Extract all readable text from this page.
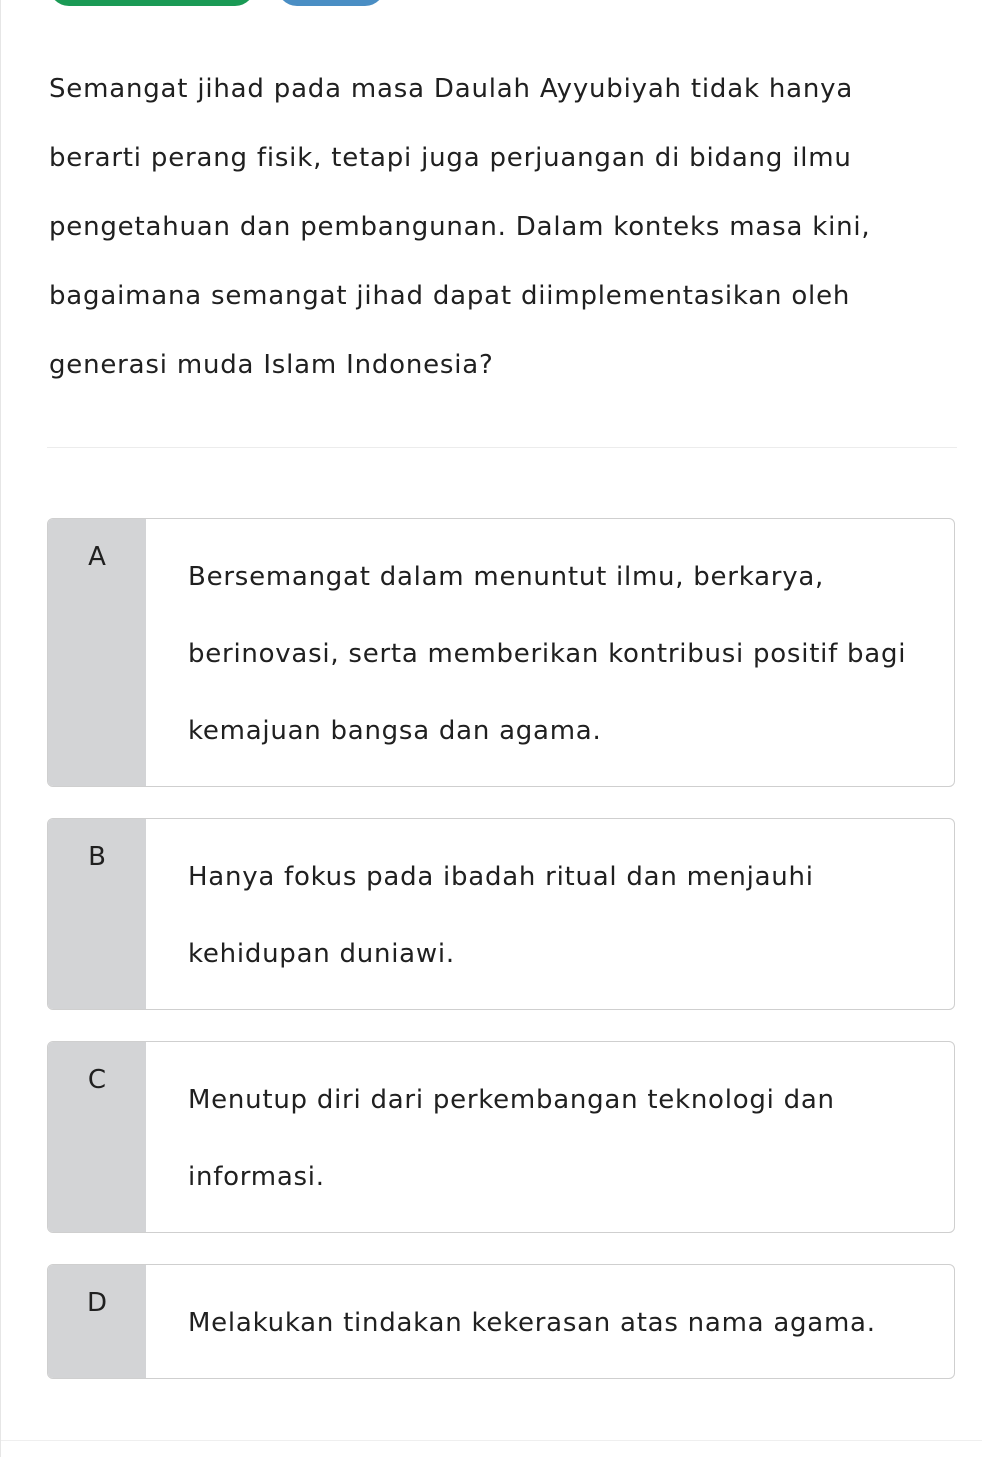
Semangat jihad pada masa Daulah Ayyubiyah tidak hanya berarti perang fisik, tetapi juga perjuangan di bidang ilmu pengetahuan dan pembangunan. Dalam konteks masa kini, bagaimana semangat jihad dapat diimplementasikan oleh generasi muda Islam Indonesia?

A
Bersemangat dalam menuntut ilmu, berkarya, berinovasi, serta memberikan kontribusi positif bagi kemajuan bangsa dan agama.
B
Hanya fokus pada ibadah ritual dan menjauhi kehidupan duniawi.
C
Menutup diri dari perkembangan teknologi dan informasi.
D
Melakukan tindakan kekerasan atas nama agama.
